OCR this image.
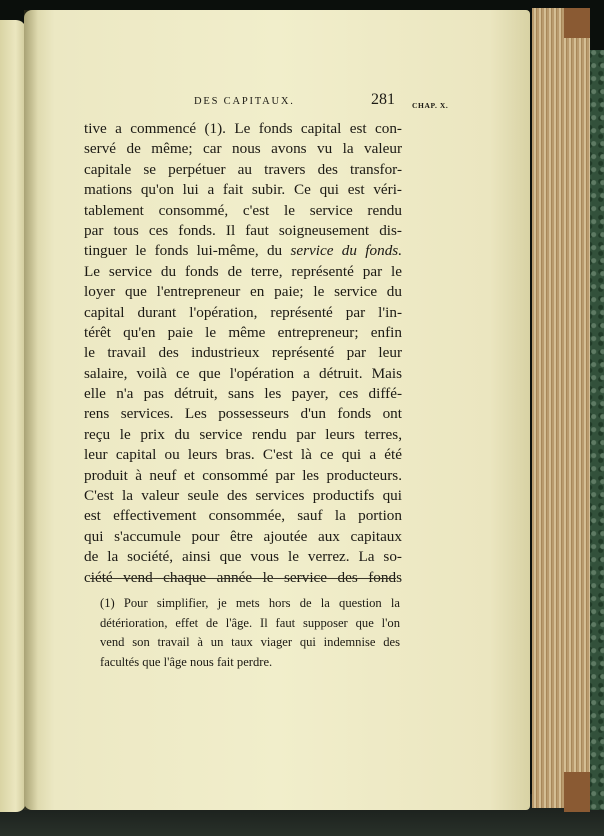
DES CAPITAUX.	281 CHAP. X.
tive a commencé (1). Le fonds capital est con-
servé de même; car nous avons vu la valeur
capitale se perpétuer au travers des transfor-
mations qu'on lui a fait subir. Ce qui est véri-
tablement consommé, c'est le service rendu
par tous ces fonds. Il faut soigneusement dis-
tinguer le fonds lui-même, du service du fonds.
Le service du fonds de terre, représenté par le
loyer que l'entrepreneur en paie; le service du
capital durant l'opération, représenté par l'in-
térêt qu'en paie le même entrepreneur; enfin
le travail des industrieux représenté par leur
salaire, voilà ce que l'opération a détruit. Mais
elle n'a pas détruit, sans les payer, ces diffé-
rens services. Les possesseurs d'un fonds ont
reçu le prix du service rendu par leurs terres,
leur capital ou leurs bras. C'est là ce qui a été
produit à neuf et consommé par les producteurs.
C'est la valeur seule des services productifs qui
est effectivement consommée, sauf la portion
qui s'accumule pour être ajoutée aux capitaux
de la société, ainsi que vous le verrez. La so-
ciété vend chaque année le service des fonds
(1) Pour simplifier, je mets hors de la question la
détérioration, effet de l'âge. Il faut supposer que l'on
vend son travail à un taux viager qui indemnise des
facultés que l'âge nous fait perdre.
